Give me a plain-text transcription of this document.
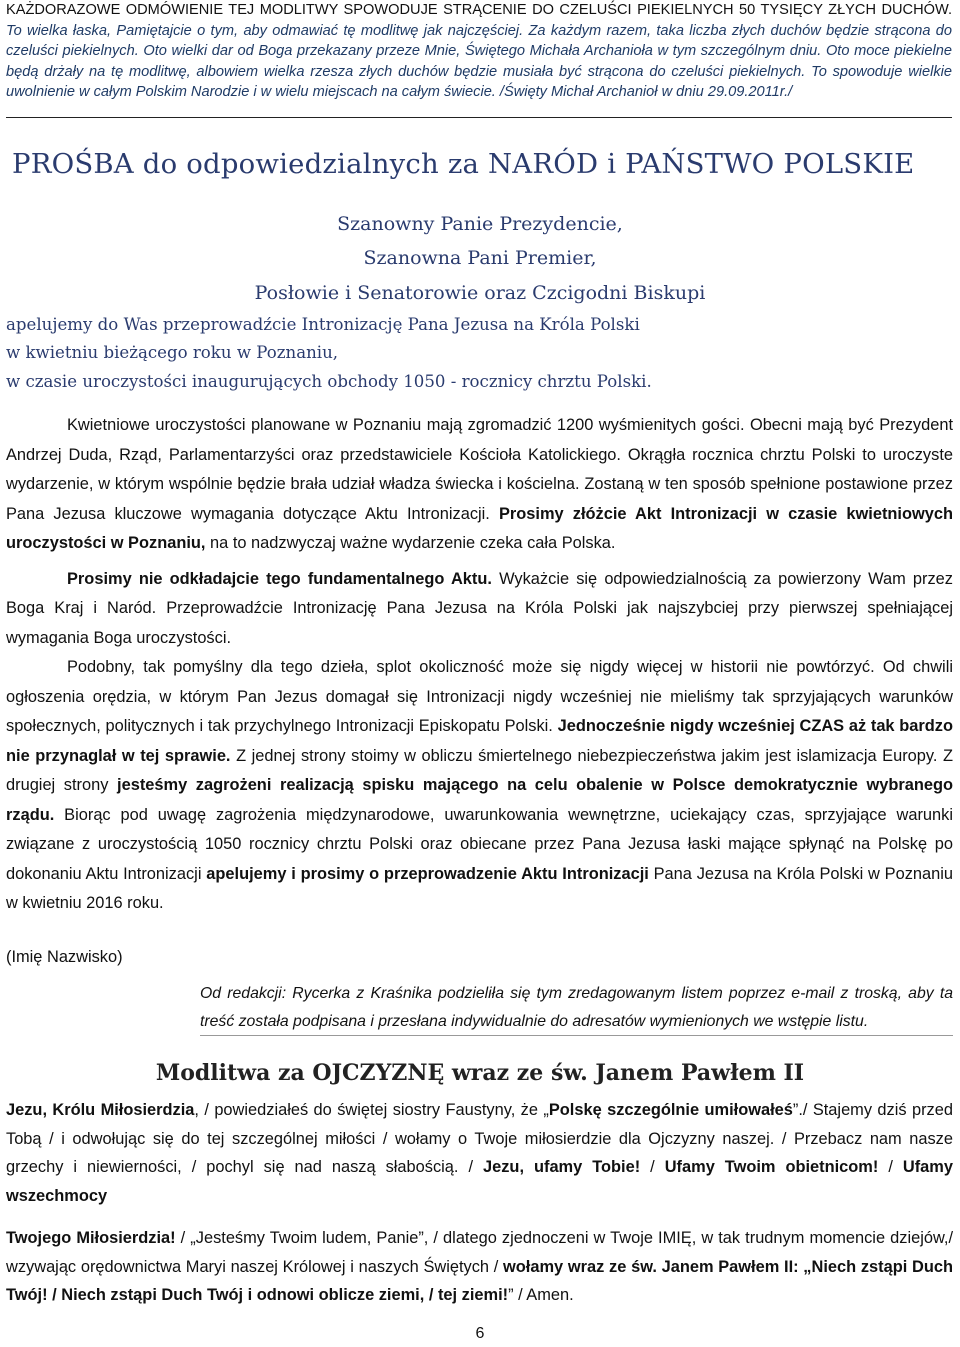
KAŻDORAZOWE ODMÓWIENIE TEJ MODLITWY SPOWODUJE STRĄCENIE DO CZELUŚCI PIEKIELNYCH 50 TYSIĘCY ZŁYCH DUCHÓW. To wielka łaska, Pamiętajcie o tym, aby odmawiać tę modlitwę jak najczęściej. Za każdym razem, taka liczba złych duchów będzie strącona do czeluści piekielnych. Oto wielki dar od Boga przekazany przeze Mnie, Świętego Michała Archanioła w tym szczególnym dniu. Oto moce piekielne będą drżały na tę modlitwę, albowiem wielka rzesza złych duchów będzie musiała być strącona do czeluści piekielnych. To spowoduje wielkie uwolnienie w całym Polskim Narodzie i w wielu miejscach na całym świecie. /Święty Michał Archanioł w dniu 29.09.2011r./
PROŚBA do odpowiedzialnych za NARÓD i PAŃSTWO POLSKIE
Szanowny Panie Prezydencie,
Szanowna Pani Premier,
Posłowie i Senatorowie oraz Czcigodni Biskupi
apelujemy do Was przeprowadźcie Intronizację Pana Jezusa na Króla Polski
w kwietniu bieżącego roku w Poznaniu,
w czasie uroczystości inaugurujących obchody 1050 - rocznicy chrztu Polski.

Kwietniowe uroczystości planowane w Poznaniu mają zgromadzić 1200 wyśmienitych gości. Obecni mają być Prezydent Andrzej Duda, Rząd, Parlamentarzyści oraz przedstawiciele Kościoła Katolickiego. Okrągła rocznica chrztu Polski to uroczyste wydarzenie, w którym wspólnie będzie brała udział władza świecka i kościelna. Zostaną w ten sposób spełnione postawione przez Pana Jezusa kluczowe wymagania dotyczące Aktu Intronizacji. Prosimy złóżcie Akt Intronizacji w czasie kwietniowych uroczystości w Poznaniu, na to nadzwyczaj ważne wydarzenie czeka cała Polska.

Prosimy nie odkładajcie tego fundamentalnego Aktu. Wykażcie się odpowiedzialnością za powierzony Wam przez Boga Kraj i Naród. Przeprowadźcie Intronizację Pana Jezusa na Króla Polski jak najszybciej przy pierwszej spełniającej wymagania Boga uroczystości.

Podobny, tak pomyślny dla tego dzieła, splot okoliczność może się nigdy więcej w historii nie powtórzyć. Od chwili ogłoszenia orędzia, w którym Pan Jezus domagał się Intronizacji nigdy wcześniej nie mieliśmy tak sprzyjających warunków społecznych, politycznych i tak przychylnego Intronizacji Episkopatu Polski. Jednocześnie nigdy wcześniej CZAS aż tak bardzo nie przynaglał w tej sprawie. Z jednej strony stoimy w obliczu śmiertelnego niebezpieczeństwa jakim jest islamizacja Europy. Z drugiej strony jesteśmy zagrożeni realizacją spisku mającego na celu obalenie w Polsce demokratycznie wybranego rządu. Biorąc pod uwagę zagrożenia międzynarodowe, uwarunkowania wewnętrzne, uciekający czas, sprzyjające warunki związane z uroczystością 1050 rocznicy chrztu Polski oraz obiecane przez Pana Jezusa łaski mające spłynąć na Polskę po dokonaniu Aktu Intronizacji apelujemy i prosimy o przeprowadzenie Aktu Intronizacji Pana Jezusa na Króla Polski w Poznaniu w kwietniu 2016 roku.

(Imię Nazwisko)
Od redakcji: Rycerka z Kraśnika podzieliła się tym zredagowanym listem poprzez e-mail z troską, aby ta treść została podpisana i przesłana indywidualnie do adresatów wymienionych we wstępie listu.
Modlitwa za OJCZYZNĘ wraz ze św. Janem Pawłem II

Jezu, Królu Miłosierdzia, / powiedziałeś do świętej siostry Faustyny, że „Polskę szczególnie umiłowałeś”./ Stajemy dziś przed Tobą / i odwołując się do tej szczególnej miłości / wołamy o Twoje miłosierdzie dla Ojczyzny naszej. / Przebacz nam nasze grzechy i niewierności, / pochyl się nad naszą słabością. / Jezu, ufamy Tobie! / Ufamy Twoim obietnicom! / Ufamy wszechmocy

Twojego Miłosierdzia! / „Jesteśmy Twoim ludem, Panie”, / dlatego zjednoczeni w Twoje IMIĘ, w tak trudnym momencie dziejów,/ wzywając orędownictwa Maryi naszej Królowej i naszych Świętych / wołamy wraz ze św. Janem Pawłem II: „Niech zstąpi Duch Twój! / Niech zstąpi Duch Twój i odnowi oblicze ziemi, / tej ziemi!” / Amen.

6
